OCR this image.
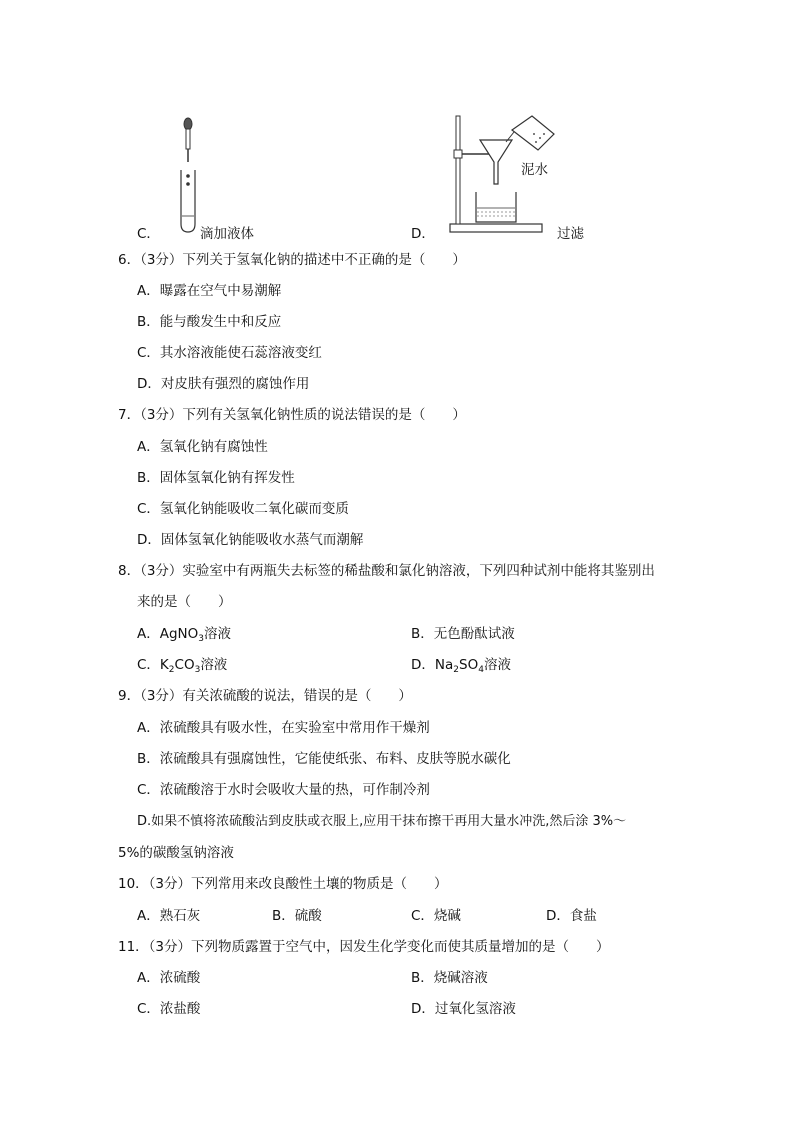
C．	滴加液体
泥水
D．	过滤
6．（3分）下列关于氢氧化钠的描述中不正确的是（　　）
A．曝露在空气中易潮解
B．能与酸发生中和反应
C．其水溶液能使石蕊溶液变红
D．对皮肤有强烈的腐蚀作用
7．（3分）下列有关氢氧化钠性质的说法错误的是（　　）
A．氢氧化钠有腐蚀性
B．固体氢氧化钠有挥发性
C．氢氧化钠能吸收二氧化碳而变质
D．固体氢氧化钠能吸收水蒸气而潮解
8．（3分）实验室中有两瓶失去标签的稀盐酸和氯化钠溶液，下列四种试剂中能将其鉴别出
来的是（　　）
A．AgNO$_3$溶液	B．无色酚酞试液
C．$K_2CO_3$溶液	D．$Na_2SO_4$溶液
9．（3分）有关浓硫酸的说法，错误的是（　　）
A．浓硫酸具有吸水性，在实验室中常用作干燥剂
B．浓硫酸具有强腐蚀性，它能使纸张、布料、皮肤等脱水碳化
C．浓硫酸溶于水时会吸收大量的热，可作制冷剂
D.如果不慎将浓硫酸沾到皮肤或衣服上,应用干抹布擦干再用大量水冲洗,然后涂 3%～
5%的碳酸氢钠溶液
10．（3分）下列常用来改良酸性土壤的物质是（　　）
A．熟石灰	B．硫酸	C．烧碱	D．食盐
11．（3分）下列物质露置于空气中，因发生化学变化而使其质量增加的是（　　）
A．浓硫酸	B．烧碱溶液
C．浓盐酸	D．过氧化氢溶液
